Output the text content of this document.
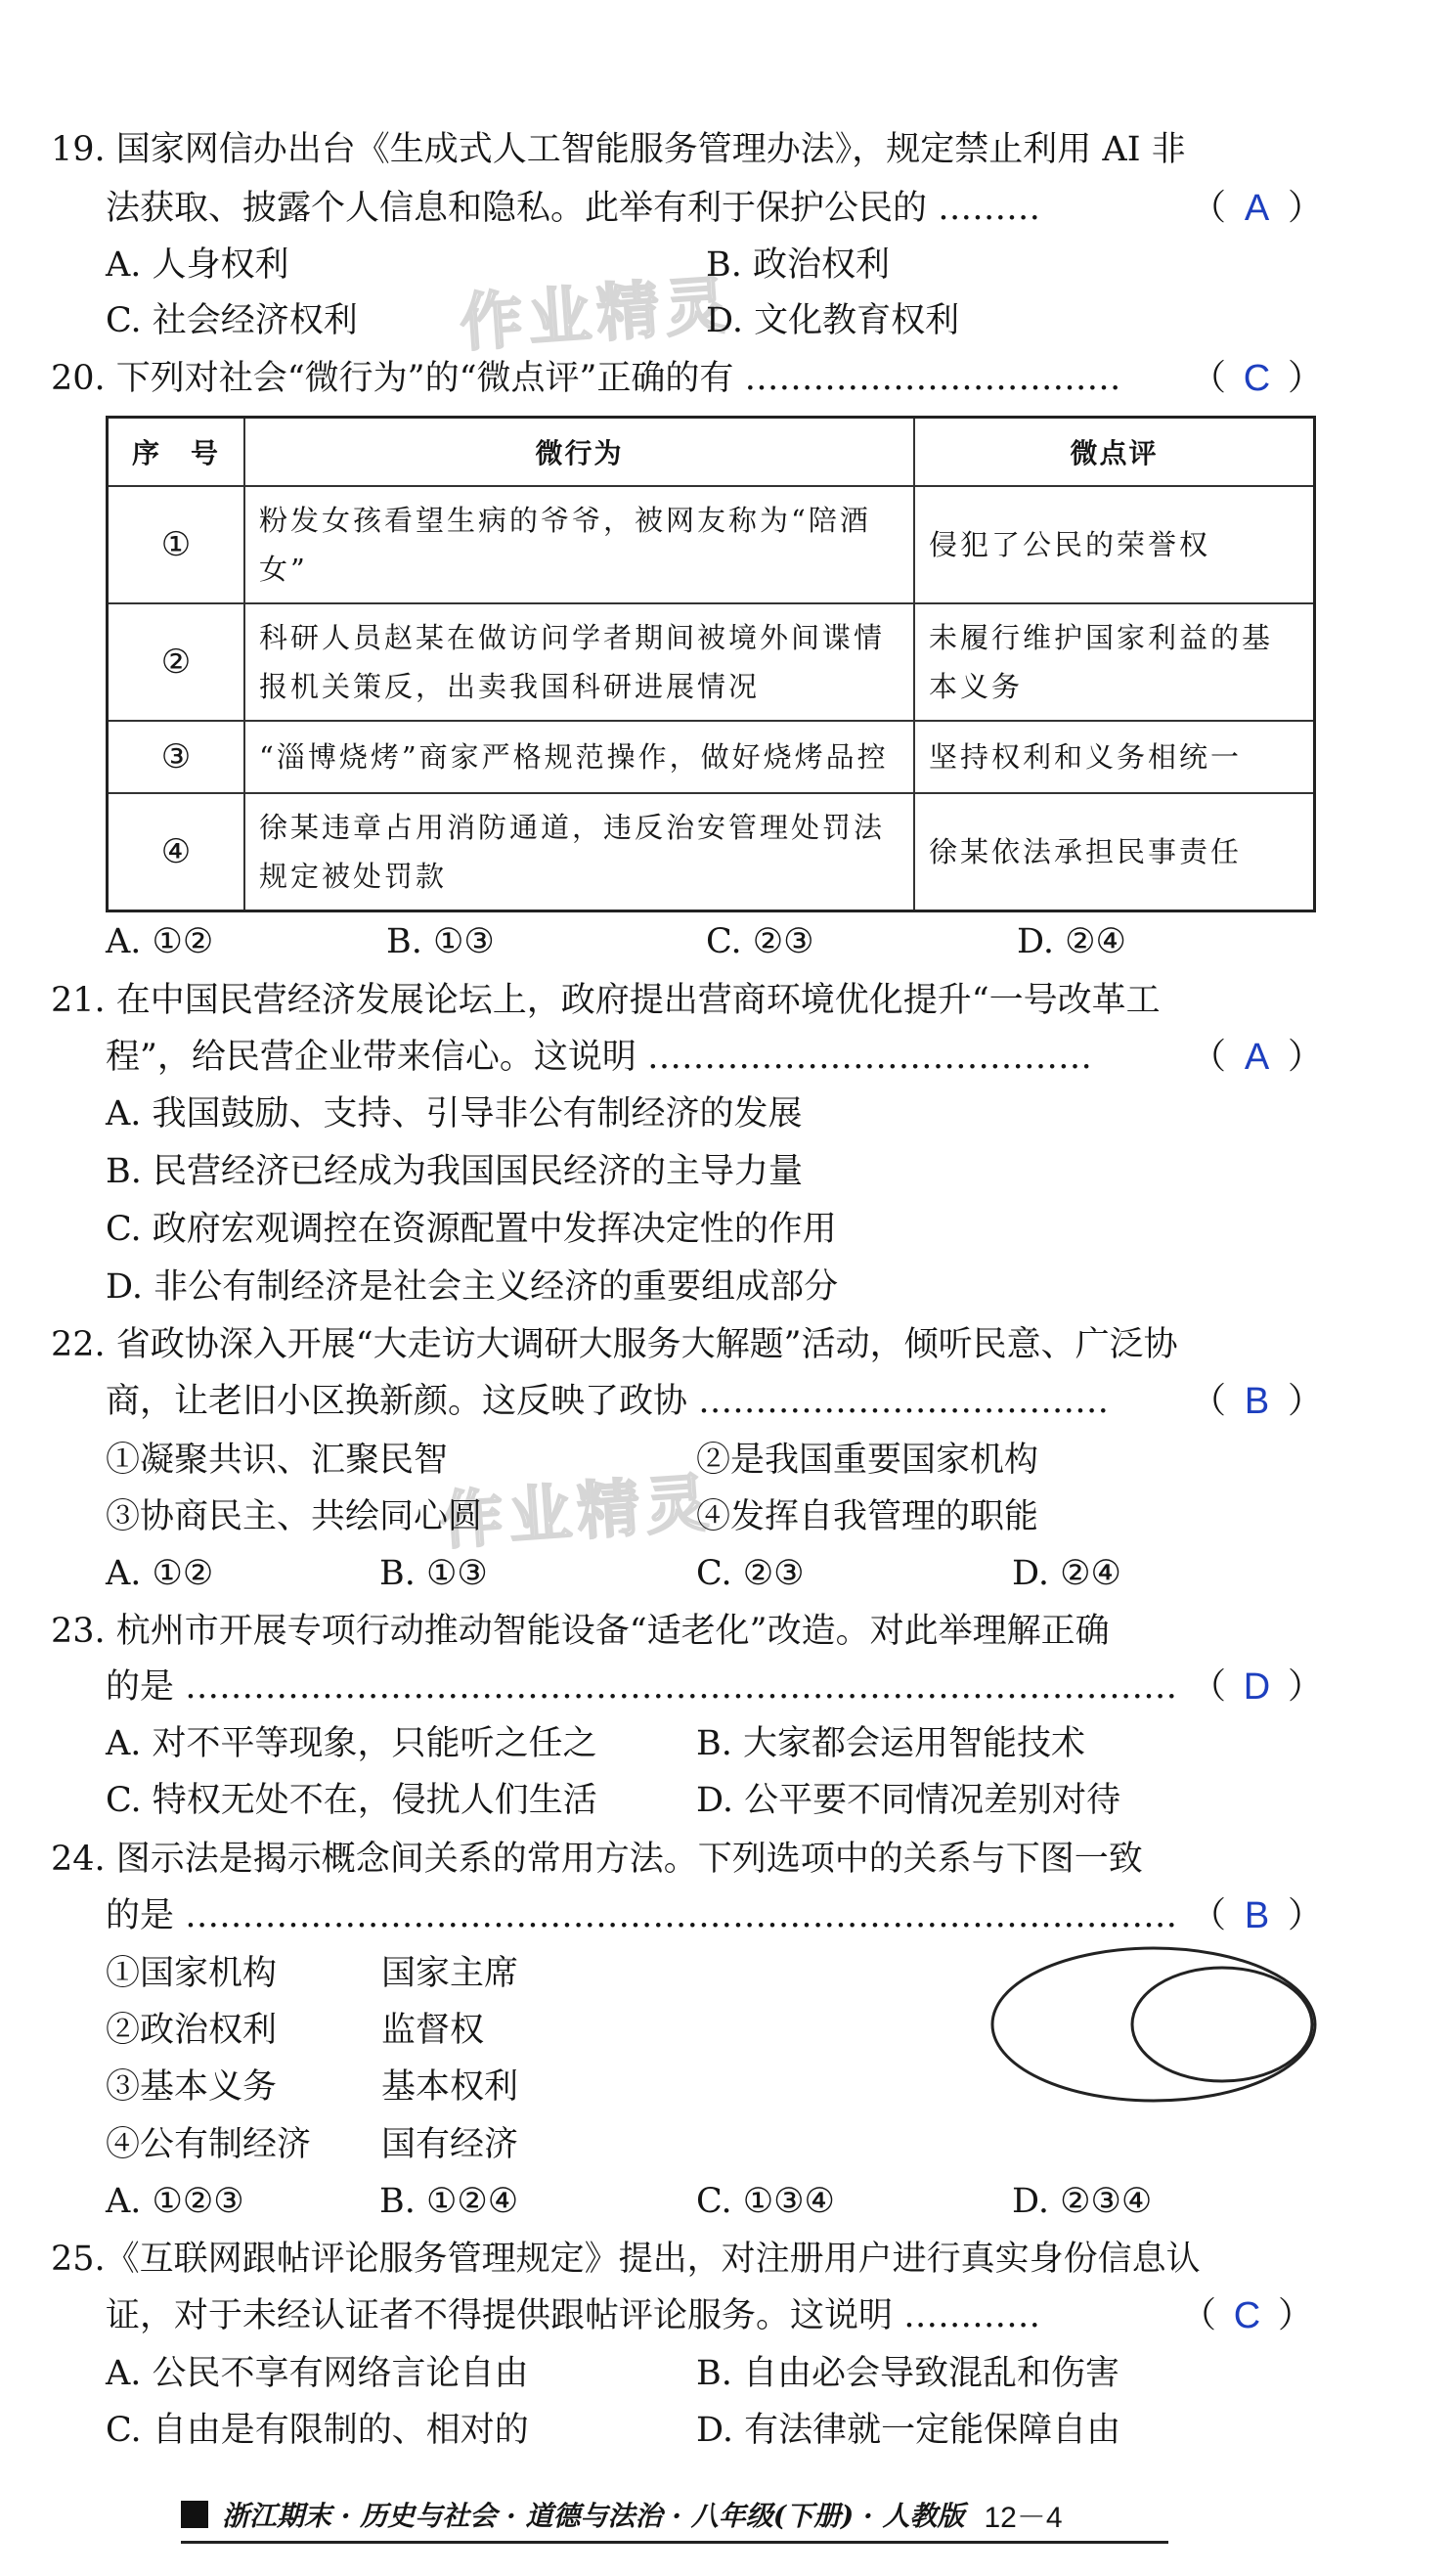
作业精灵
作业精灵
19. 国家网信办出台《生成式人工智能服务管理办法》，规定禁止利用 AI 非
法获取、披露个人信息和隐私。此举有利于保护公民的 ………	（ A ）
A. 人身权利	B. 政治权利
C. 社会经济权利	D. 文化教育权利
20. 下列对社会“微行为”的“微点评”正确的有 …………………………… （ C ）
序　号	微行为	微点评
①	粉发女孩看望生病的爷爷，被网友称为“陪酒女”	侵犯了公民的荣誉权
②	科研人员赵某在做访问学者期间被境外间谍情报机关策反，出卖我国科研进展情况	未履行维护国家利益的基本义务
③	“淄博烧烤”商家严格规范操作，做好烧烤品控	坚持权利和义务相统一
④	徐某违章占用消防通道，违反治安管理处罚法规定被处罚款	徐某依法承担民事责任
A. ①②	B. ①③	C. ②③	D. ②④
21. 在中国民营经济发展论坛上，政府提出营商环境优化提升“一号改革工
程”，给民营企业带来信心。这说明 …………………………………	（ A ）
A. 我国鼓励、支持、引导非公有制经济的发展
B. 民营经济已经成为我国国民经济的主导力量
C. 政府宏观调控在资源配置中发挥决定性的作用
D. 非公有制经济是社会主义经济的重要组成部分
22. 省政协深入开展“大走访大调研大服务大解题”活动，倾听民意、广泛协
商，让老旧小区换新颜。这反映了政协 ……………………………… （ B ）
①凝聚共识、汇聚民智	②是我国重要国家机构
③协商民主、共绘同心圆	④发挥自我管理的职能
A. ①②	B. ①③	C. ②③	D. ②④
23. 杭州市开展专项行动推动智能设备“适老化”改造。对此举理解正确
的是 …………………………………………………………………………… （ D ）
A. 对不平等现象，只能听之任之	B. 大家都会运用智能技术
C. 特权无处不在，侵扰人们生活	D. 公平要不同情况差别对待
24. 图示法是揭示概念间关系的常用方法。下列选项中的关系与下图一致
的是 …………………………………………………………………………… （ B ）
①国家机构	国家主席
②政治权利	监督权
③基本义务	基本权利
④公有制经济 国有经济
A. ①②③	B. ①②④	C. ①③④	D. ②③④
25.《互联网跟帖评论服务管理规定》提出，对注册用户进行真实身份信息认
证，对于未经认证者不得提供跟帖评论服务。这说明 …………	（ C ）
A. 公民不享有网络言论自由	B. 自由必会导致混乱和伤害
C. 自由是有限制的、相对的	D. 有法律就一定能保障自由
浙江期末 · 历史与社会 · 道德与法治 · 八年级(下册) · 人教版 12－4
